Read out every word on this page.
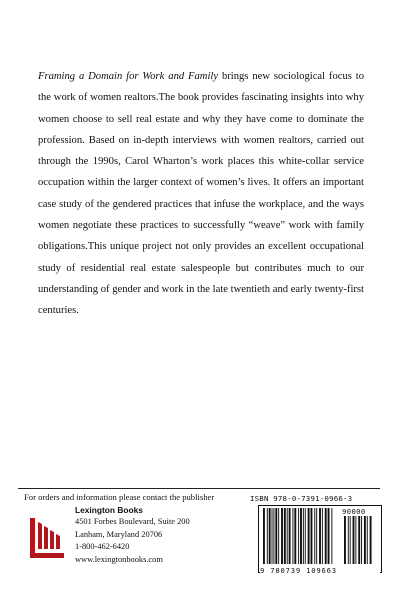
Framing a Domain for Work and Family brings new sociological focus to the work of women realtors.The book provides fascinating insights into why women choose to sell real estate and why they have come to dominate the profession. Based on in-depth interviews with women realtors, carried out through the 1990s, Carol Wharton’s work places this white-collar service occupation within the larger context of women’s lives. It offers an important case study of the gendered practices that infuse the workplace, and the ways women negotiate these practices to successfully “weave” work with family obligations.This unique project not only provides an excellent occupational study of residential real estate salespeople but contributes much to our understanding of gender and work in the late twentieth and early twenty-first centuries.

For orders and information please contact the publisher
Lexington Books
4501 Forbes Boulevard, Suite 200
Lanham, Maryland 20706
1-800-462-6420
www.lexingtonbooks.com
ISBN 978-0-7391-0966-3
90000
9 780739 109663
